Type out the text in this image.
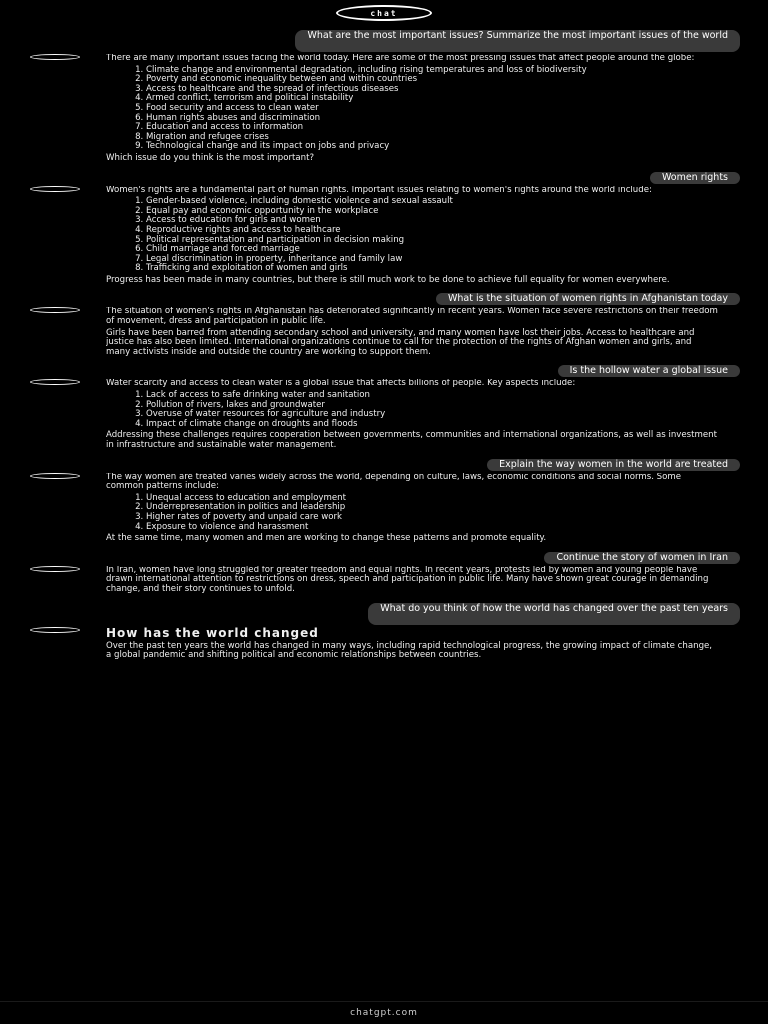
chat
What are the most important issues? Summarize the most important issues of the world

There are many important issues facing the world today. Here are some of the most pressing issues that affect people around the globe:

1. Climate change and environmental degradation, including rising temperatures and loss of biodiversity
2. Poverty and economic inequality between and within countries
3. Access to healthcare and the spread of infectious diseases
4. Armed conflict, terrorism and political instability
5. Food security and access to clean water
6. Human rights abuses and discrimination
7. Education and access to information
8. Migration and refugee crises
9. Technological change and its impact on jobs and privacy

Which issue do you think is the most important?

Women rights

Women's rights are a fundamental part of human rights. Important issues relating to women's rights around the world include:

1. Gender-based violence, including domestic violence and sexual assault
2. Equal pay and economic opportunity in the workplace
3. Access to education for girls and women
4. Reproductive rights and access to healthcare
5. Political representation and participation in decision making
6. Child marriage and forced marriage
7. Legal discrimination in property, inheritance and family law
8. Trafficking and exploitation of women and girls

Progress has been made in many countries, but there is still much work to be done to achieve full equality for women everywhere.

What is the situation of women rights in Afghanistan today

The situation of women's rights in Afghanistan has deteriorated significantly in recent years. Women face severe restrictions on their freedom of movement, dress and participation in public life.

Girls have been barred from attending secondary school and university, and many women have lost their jobs. Access to healthcare and justice has also been limited. International organizations continue to call for the protection of the rights of Afghan women and girls, and many activists inside and outside the country are working to support them.

Is the hollow water a global issue

Water scarcity and access to clean water is a global issue that affects billions of people. Key aspects include:

1. Lack of access to safe drinking water and sanitation
2. Pollution of rivers, lakes and groundwater
3. Overuse of water resources for agriculture and industry
4. Impact of climate change on droughts and floods

Addressing these challenges requires cooperation between governments, communities and international organizations, as well as investment in infrastructure and sustainable water management.

Explain the way women in the world are treated

The way women are treated varies widely across the world, depending on culture, laws, economic conditions and social norms. Some common patterns include:

1. Unequal access to education and employment
2. Underrepresentation in politics and leadership
3. Higher rates of poverty and unpaid care work
4. Exposure to violence and harassment

At the same time, many women and men are working to change these patterns and promote equality.

Continue the story of women in Iran

In Iran, women have long struggled for greater freedom and equal rights. In recent years, protests led by women and young people have drawn international attention to restrictions on dress, speech and participation in public life. Many have shown great courage in demanding change, and their story continues to unfold.

What do you think of how the world has changed over the past ten years

How has the world changed

Over the past ten years the world has changed in many ways, including rapid technological progress, the growing impact of climate change, a global pandemic and shifting political and economic relationships between countries.

chatgpt.com
